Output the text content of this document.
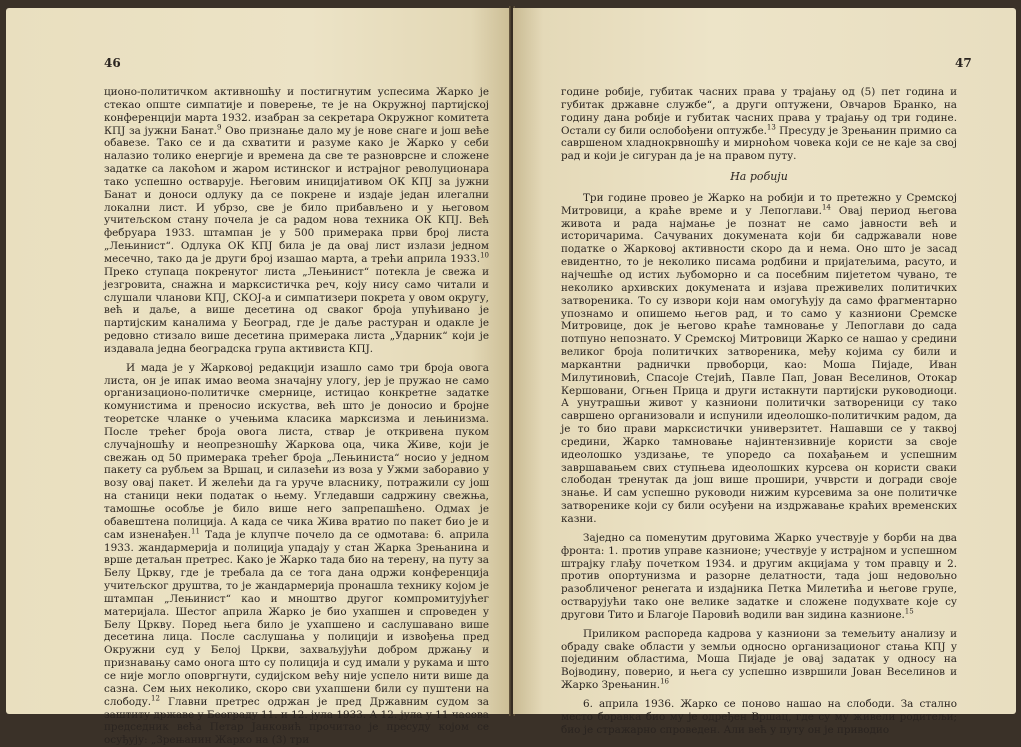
46

ционо-политичком активношћу и постигнутим успесима Жарко је стекао опште симпатије и поверење, те је на Окружној партијској конференцији марта 1932. изабран за секретара Окружног комитета КПЈ за јужни Банат.$^9$ Ово признање дало му је нове снаге и још веће обавезе. Тако се и да схватити и разуме како је Жарко у себи налазио толико енергије и времена да све те разноврсне и сложене задатке са лакоћом и жаром истинског и истрајног револуционара тако успешно остварује. Његовим иницијативом ОК КПЈ за јужни Банат и доноси одлуку да се покрене и издаје један илегални локални лист. И убрзо, све је било прибављено и у његовом учитељском стану почела је са радом нова техника ОК КПЈ. Већ фебруара 1933. штампан је у 500 примерака први број листа „Лењинист“. Одлука ОК КПЈ била је да овај лист излази једном месечно, тако да је други број изашао марта, а трећи априла 1933.10 Преко ступаца покренутог листа „Лењинист“ потекла је свежа и језгровита, снажна и марксистичка реч, коју нису само читали и слушали чланови КПЈ, СКОЈ-а и симпатизери покрета у овом округу, већ и даље, а више десетина од сваког броја упућивано је партијским каналима у Београд, где је даље растуран и одакле је редовно стизало више десетина примерака листа „Ударник“ који је издавала једна београдска група активиста КПЈ.

И мада је у Жарковој редакцији изашло само три броја овога листа, он је ипак имао веома значајну улогу, јер је пружао не само организационо-политичке смернице, истицао конкретне задатке комунистима и преносио искуства, већ што је доносио и бројне теоретске чланке о учењима класика марксизма и лењинизма. После трећег броја овога листа, ствар је откривена пуком случајношћу и неопрезношћу Жаркова оца, чика Живе, који је свежањ од 50 примерака трећег броја „Лењиниста“ носио у једном пакету са рубљем за Вршац, и силазећи из воза у Ужми заборавио у возу овај пакет. И желећи да га уруче власнику, потражили су још на станици неки податак о њему. Угледавши садржину свежња, тамошње особље је било више него запрепашћено. Одмах је обавештена полиција. А када се чика Жива вратио по пакет био је и сам изненађен.$^{11}$ Тада је клупче почело да се одмотава: 6. априла 1933. жандармерија и полиција упадају у стан Жарка Зрењанина и врше детаљан претрес. Како је Жарко тада био на терену, на путу за Белу Цркву, где је требала да се тога дана одржи конференција учитељског друштва, то је жандармерија пронашла технику којом је штампан „Лењинист“ као и мноштво другог компромитујућег материјала. Шестог априла Жарко је био ухапшен и спроведен у Белу Цркву. Поред њега било је ухапшено и саслушавано више десетина лица. После саслушања у полицији и извођења пред Окружни суд у Белој Цркви, захваљујући добром држању и признавању само онога што су полиција и суд имали у рукама и што се није могло оповргнути, судијском већу није успело нити више да сазна. Сем њих неколико, скоро сви ухапшени били су пуштени на слободу.$^{12}$ Главни претрес одржан је пред Државним судом за заштиту државе у Београду 11. и 12. јула 1933. А 12. јула у 11 часова председник већа Петар Јанковић прочитао је пресуду којом се осуђују: „Зрењанин Жарко на (3) три

47

године робије, губитак часних права у трајању од (5) пет година и губитак државне службе“, а други оптужени, Овчаров Бранко, на годину дана робије и губитак часних права у трајању од три године. Остали су били ослобођени оптужбе.$^{13}$ Пресуду је Зрењанин примио са савршеном хладнокрвношћу и мирноћом човека који се не каје за свој рад и који је сигуран да је на правом путу.

На робији

Три године провео је Жарко на робији и то претежно у Сремској Митровици, а краће време и у Лепоглави.$^{14}$ Овај период његова живота и рада најмање је познат не само јавности већ и историчарима. Сачуваних докумената који би садржавали нове податке о Жарковој активности скоро да и нема. Оно што је засад евидентно, то је неколико писама родбини и пријатељима, расуто, и најчешће од истих љубоморно и са посебним пијететом чувано, те неколико архивских докумената и изјава преживелих политичких затвореника. То су извори који нам омогућују да само фрагментарно упознамо и опишемо његов рад, и то само у казниони Сремске Митровице, док је његово краће тамновање у Лепоглави до сада потпуно непознато. У Сремској Митровици Жарко се нашао у средини великог броја политичких затвореника, међу којима су били и маркантни раднички првоборци, као: Моша Пијаде, Иван Милутиновић, Спасоје Стејић, Павле Пап, Јован Веселинов, Отокар Кершовани, Огњен Прица и други истакнути партијски руководиоци. А унутрашњи живот у казниони политички затвореници су тако савршено организовали и испунили идеолошко-политичким радом, да је то био прави марксистички универзитет. Нашавши се у таквој средини, Жарко тамновање најинтензивније користи за своје идеолошко уздизање, те упоредо са похађањем и успешним завршавањем свих ступњева идеолошких курсева он користи сваки слободан тренутак да још више прошири, учврсти и догради своје знање. И сам успешно руководи нижим курсевима за оне политичке затворенике који су били осуђени на издржавање краћих временских казни.

Заједно са поменутим друговима Жарко учествује у борби на два фронта: 1. против управе казнионе; учествује у истрајном и успешном штрајку глађу почетком 1934. и другим акцијама у том правцу и 2. против опортунизма и разорне делатности, тада још недовољно разобличеног ренегата и издајника Петка Милетића и његове групе, остварујући тако оне велике задатке и сложене подухвате које су другови Тито и Благоје Паровић водили ван зидина казнионе.$^{15}$

Приликом распореда кадрова у казниони за темељиту анализу и обраду свake области у земљи односно организационог стања КПЈ у појединим областима, Моша Пијаде је овај задатак у односу на Војводину, поверио, и њега су успешно извршили Јован Веселинов и Жарко Зрењанин.$^{16}$

6. априла 1936. Жарко се поново нашао на слободи. За стално место боравка био му је одређен Вршац, где су му живели родитељи; био је стражарно спроведен. Али већ у путу он је приводио
